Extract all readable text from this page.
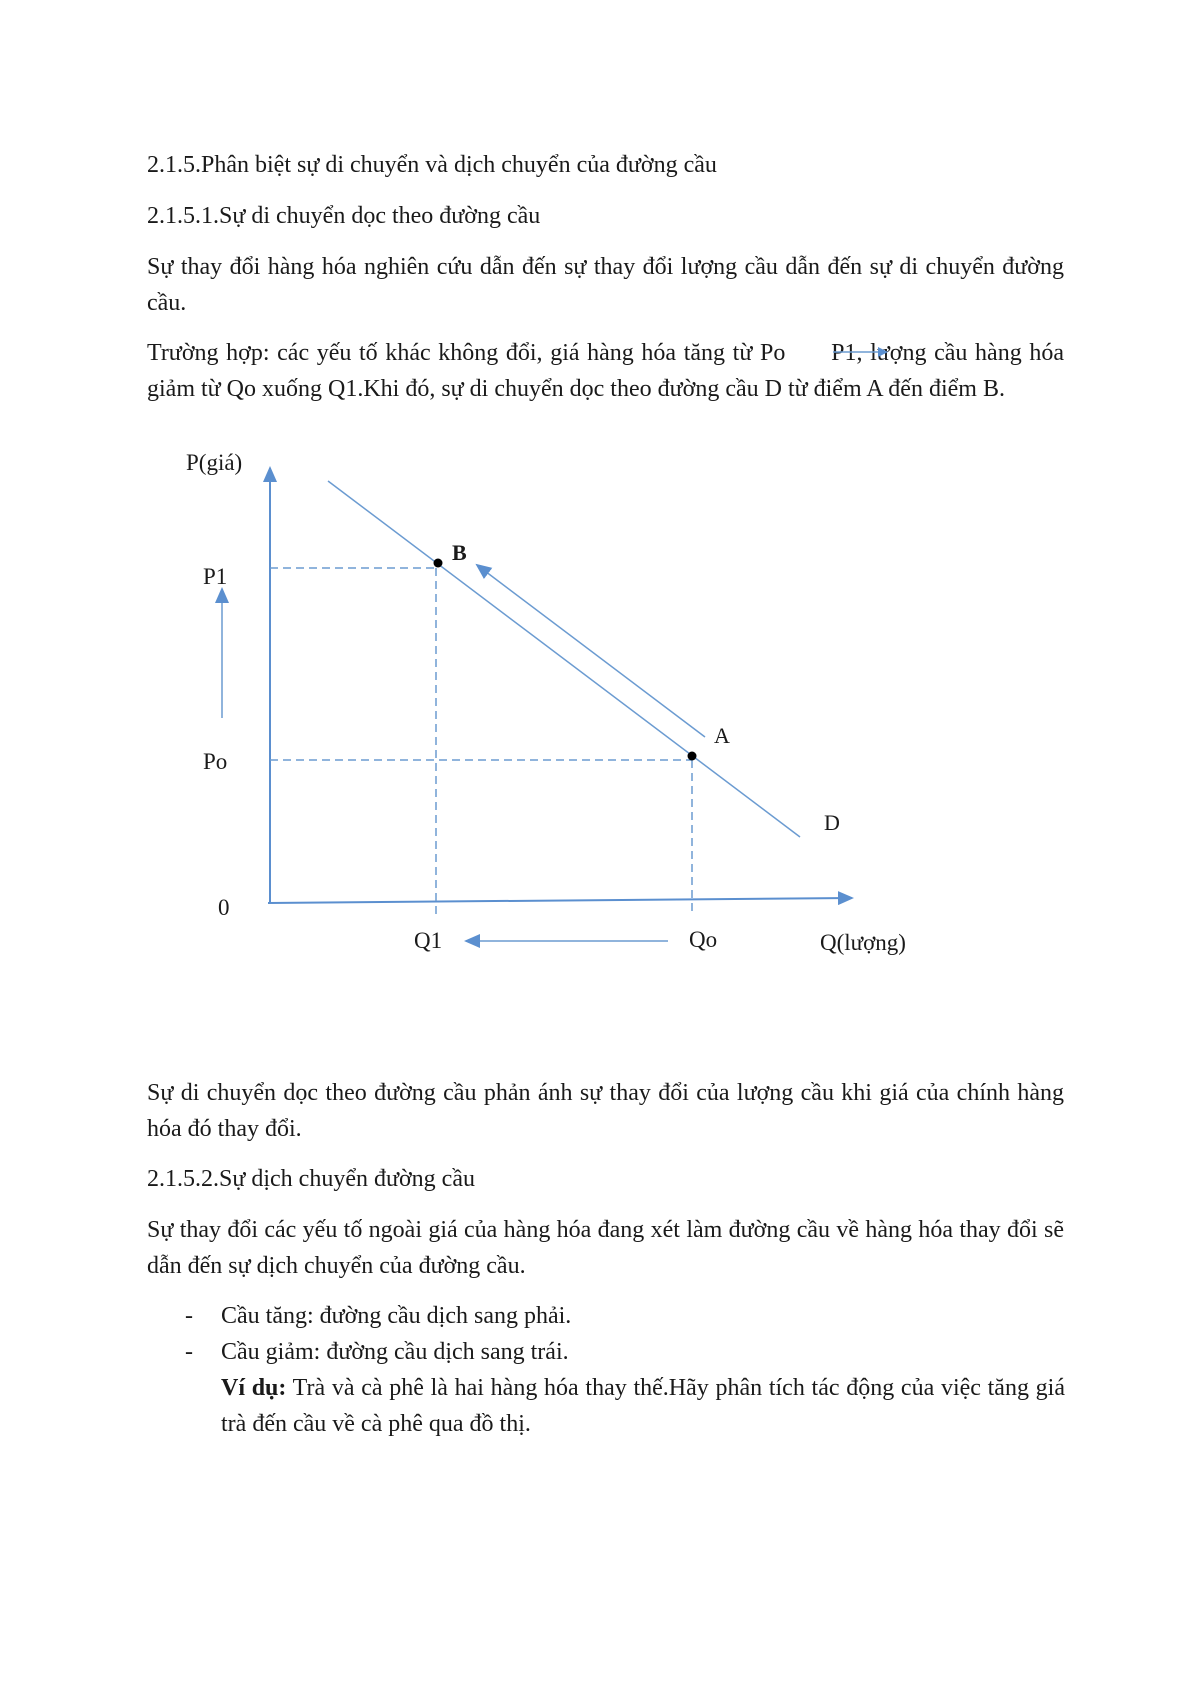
2.1.5.Phân biệt sự di chuyển và dịch chuyển của đường cầu

2.1.5.1.Sự di chuyển dọc theo đường cầu

Sự thay đổi hàng hóa nghiên cứu dẫn đến sự thay đổi lượng cầu dẫn đến sự di chuyển đường cầu.

Trường hợp: các yếu tố khác không đổi, giá hàng hóa tăng từ Po      P1, lượng cầu hàng hóa giảm từ Qo xuống Q1.Khi đó, sự di chuyển dọc theo đường cầu D từ điểm A đến điểm B.

P(giá)
P1
Po
0
Q1	Qo	Q(lượng)
B
A
D

Sự di chuyển dọc theo đường cầu phản ánh sự thay đổi của lượng cầu khi giá của chính hàng hóa đó thay đổi.

2.1.5.2.Sự dịch chuyển đường cầu

Sự thay đổi các yếu tố ngoài giá của hàng hóa đang xét làm đường cầu về hàng hóa thay đổi sẽ dẫn đến sự dịch chuyển của đường cầu.

- Cầu tăng: đường cầu dịch sang phải.
- Cầu giảm: đường cầu dịch sang trái.

Ví dụ: Trà và cà phê là hai hàng hóa thay thế.Hãy phân tích tác động của việc tăng giá trà đến cầu về cà phê qua đồ thị.
